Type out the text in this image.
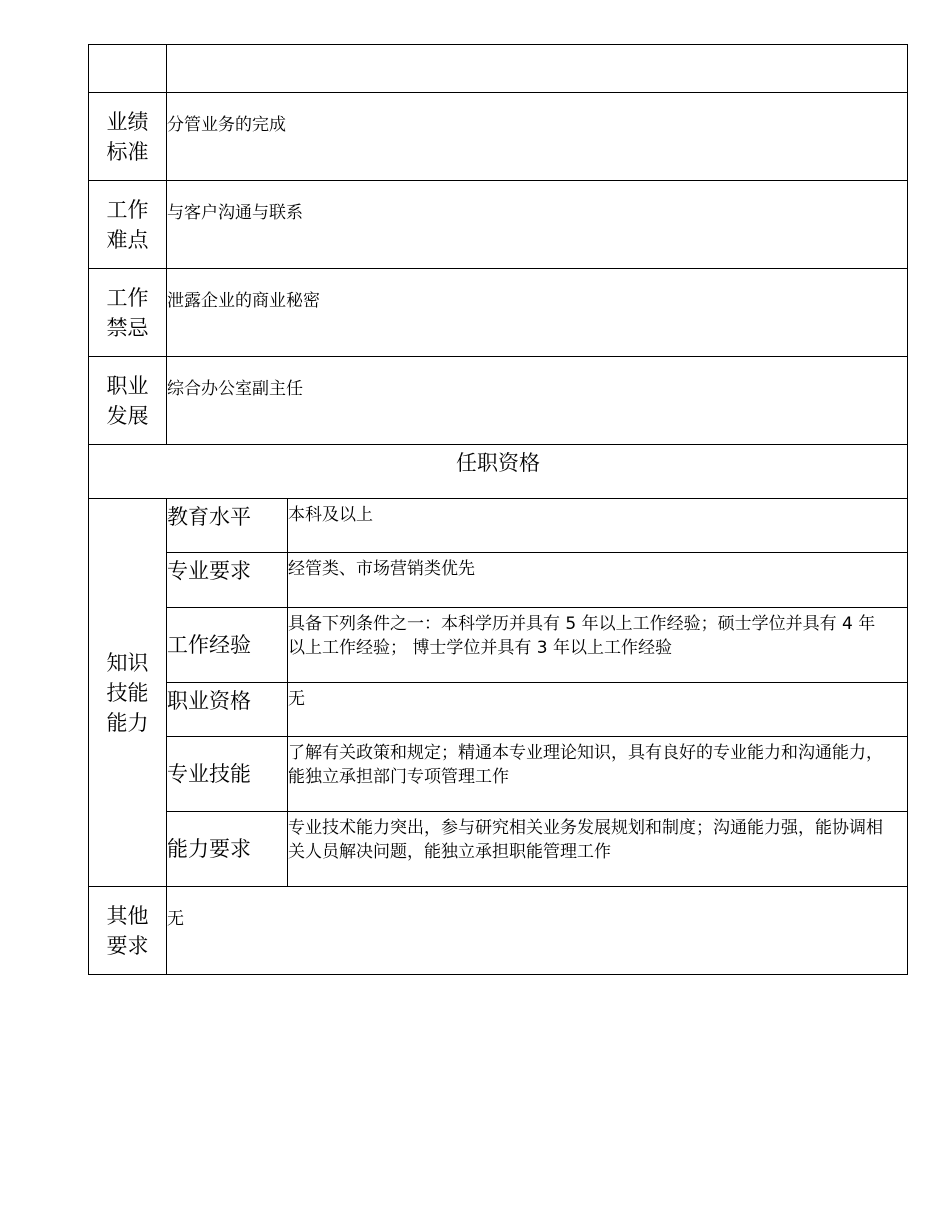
业绩
标准	分管业务的完成	

工作
难点	与客户沟通与联系	

工作
禁忌	泄露企业的商业秘密	

职业
发展	综合办公室副主任	
任职资格		

知识
技能
能力	教育水平	本科及以上
	专业要求	经管类、市场营销类优先
	工作经验	具备下列条件之一：本科学历并具有 5 年以上工作经验；硕士学位并具有 4 年以上工作经验； 博士学位并具有 3 年以上工作经验
	职业资格	无
	专业技能	了解有关政策和规定；精通本专业理论知识，具有良好的专业能力和沟通能力，能独立承担部门专项管理工作
	能力要求	专业技术能力突出，参与研究相关业务发展规划和制度；沟通能力强，能协调相关人员解决问题，能独立承担职能管理工作

其他
要求	无	
